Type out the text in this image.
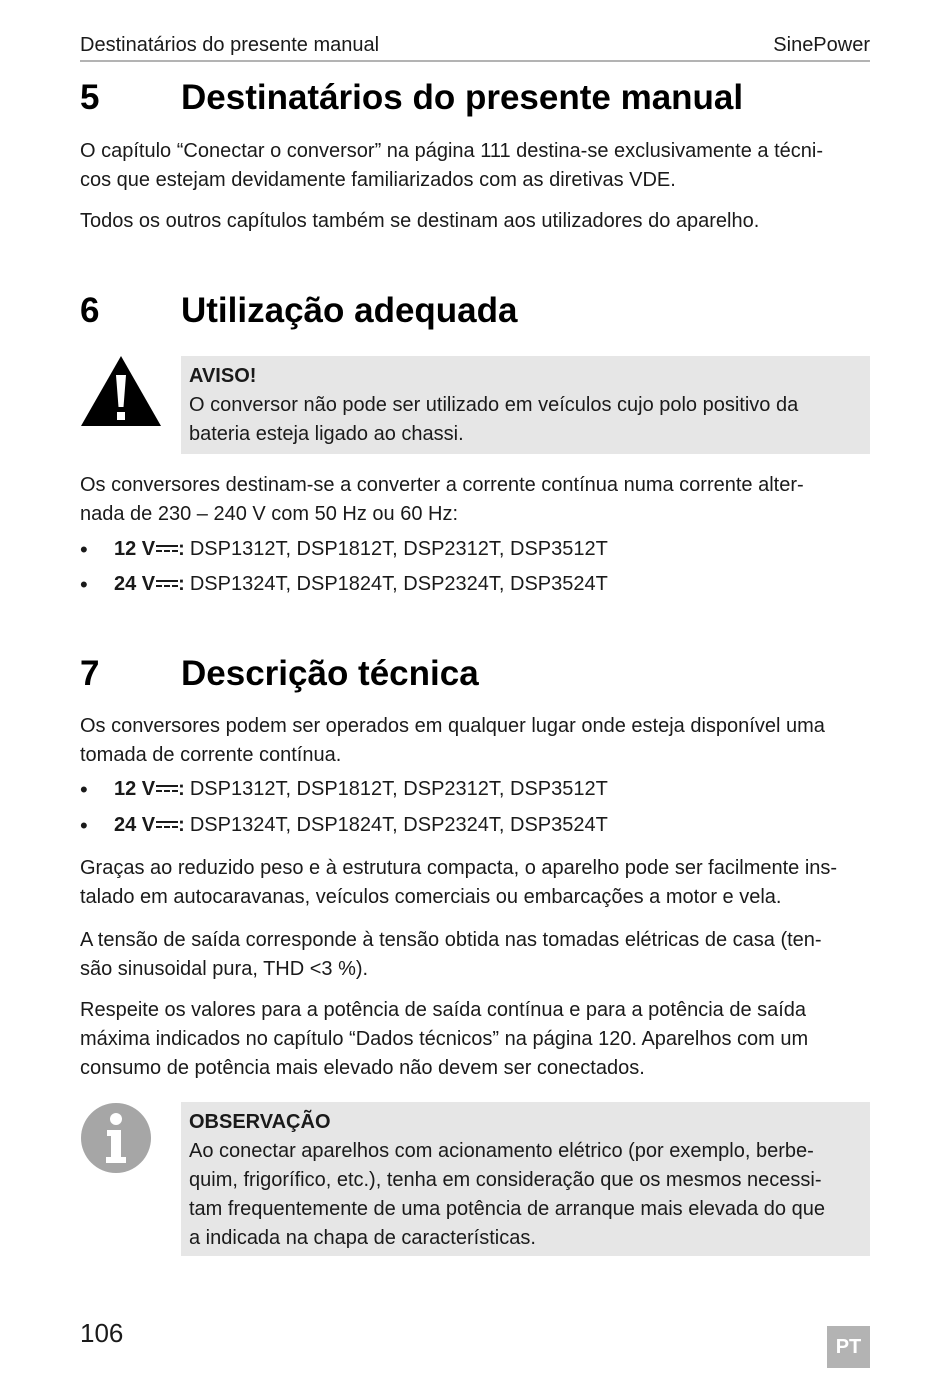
Destinatários do presente manual	SinePower
5 Destinatários do presente manual
O capítulo “Conectar o conversor” na página 111 destina-se exclusivamente a técni-
cos que estejam devidamente familiarizados com as diretivas VDE.
Todos os outros capítulos também se destinam aos utilizadores do aparelho.
6 Utilização adequada
AVISO!
O conversor não pode ser utilizado em veículos cujo polo positivo da
bateria esteja ligado ao chassi.
Os conversores destinam-se a converter a corrente contínua numa corrente alter-
nada de 230 – 240 V com 50 Hz ou 60 Hz:
• 12 V : DSP1312T, DSP1812T, DSP2312T, DSP3512T
• 24 V : DSP1324T, DSP1824T, DSP2324T, DSP3524T
7 Descrição técnica
Os conversores podem ser operados em qualquer lugar onde esteja disponível uma
tomada de corrente contínua.
• 12 V : DSP1312T, DSP1812T, DSP2312T, DSP3512T
• 24 V : DSP1324T, DSP1824T, DSP2324T, DSP3524T
Graças ao reduzido peso e à estrutura compacta, o aparelho pode ser facilmente ins-
talado em autocaravanas, veículos comerciais ou embarcações a motor e vela.
A tensão de saída corresponde à tensão obtida nas tomadas elétricas de casa (ten-
são sinusoidal pura, THD <3 %).
Respeite os valores para a potência de saída contínua e para a potência de saída
máxima indicados no capítulo “Dados técnicos” na página 120. Aparelhos com um
consumo de potência mais elevado não devem ser conectados.
OBSERVAÇÃO
Ao conectar aparelhos com acionamento elétrico (por exemplo, berbe-
quim, frigorífico, etc.), tenha em consideração que os mesmos necessi-
tam frequentemente de uma potência de arranque mais elevada do que
a indicada na chapa de características.
106	PT
